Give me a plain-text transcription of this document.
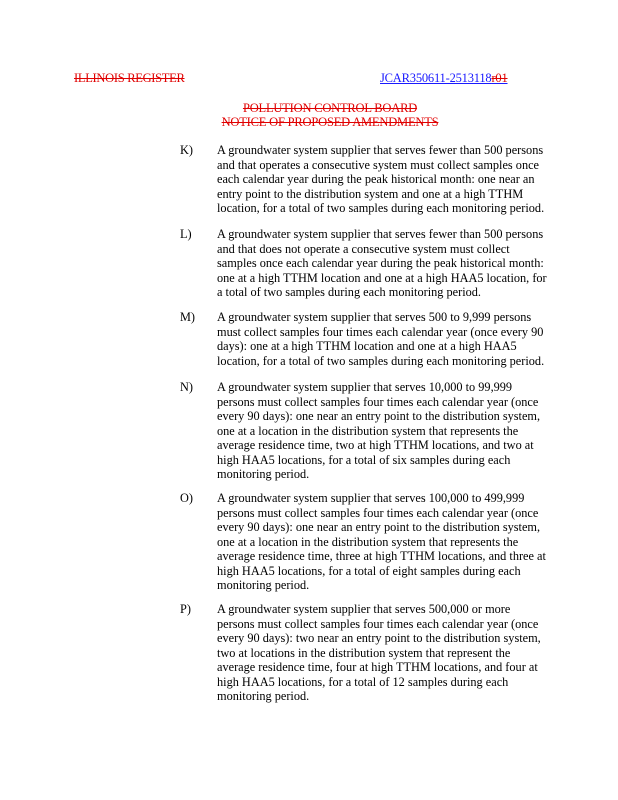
ILLINOIS REGISTER	JCAR350611-2513118r01
POLLUTION CONTROL BOARD
NOTICE OF PROPOSED AMENDMENTS
K) A groundwater system supplier that serves fewer than 500 persons
and that operates a consecutive system must collect samples once
each calendar year during the peak historical month: one near an
entry point to the distribution system and one at a high TTHM
location, for a total of two samples during each monitoring period.
L) A groundwater system supplier that serves fewer than 500 persons
and that does not operate a consecutive system must collect
samples once each calendar year during the peak historical month:
one at a high TTHM location and one at a high HAA5 location, for
a total of two samples during each monitoring period.
M) A groundwater system supplier that serves 500 to 9,999 persons
must collect samples four times each calendar year (once every 90
days): one at a high TTHM location and one at a high HAA5
location, for a total of two samples during each monitoring period.
N) A groundwater system supplier that serves 10,000 to 99,999
persons must collect samples four times each calendar year (once
every 90 days): one near an entry point to the distribution system,
one at a location in the distribution system that represents the
average residence time, two at high TTHM locations, and two at
high HAA5 locations, for a total of six samples during each
monitoring period.
O) A groundwater system supplier that serves 100,000 to 499,999
persons must collect samples four times each calendar year (once
every 90 days): one near an entry point to the distribution system,
one at a location in the distribution system that represents the
average residence time, three at high TTHM locations, and three at
high HAA5 locations, for a total of eight samples during each
monitoring period.
P) A groundwater system supplier that serves 500,000 or more
persons must collect samples four times each calendar year (once
every 90 days): two near an entry point to the distribution system,
two at locations in the distribution system that represent the
average residence time, four at high TTHM locations, and four at
high HAA5 locations, for a total of 12 samples during each
monitoring period.
